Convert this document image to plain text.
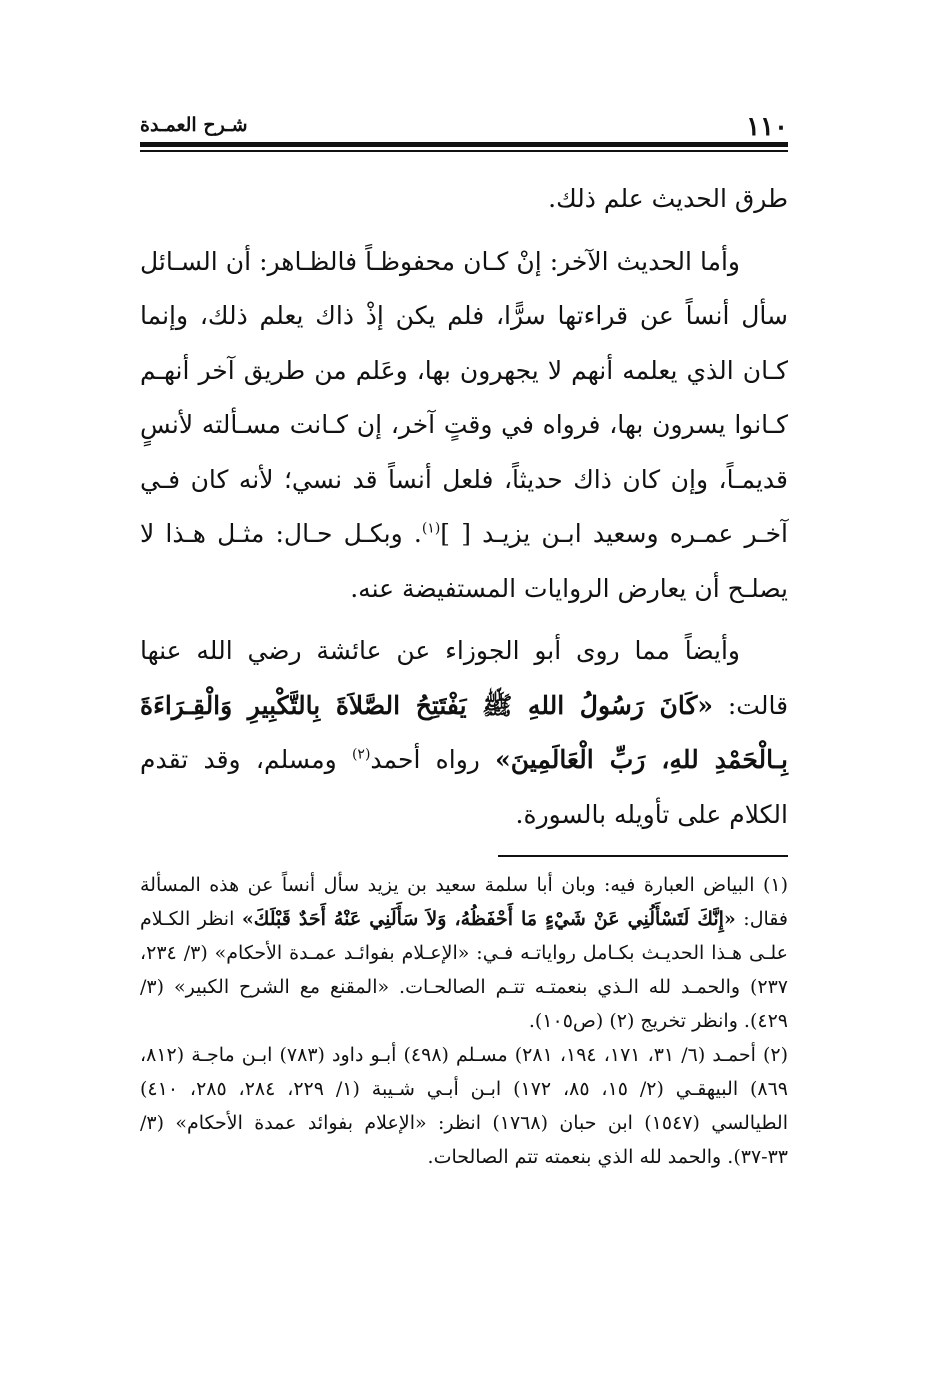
١١٠
شـرح العمـدة

طرق الحديث علم ذلك.

وأما الحديث الآخر: إنْ كـان محفوظـاً فالظـاهر: أن السـائل سأل أنساً عن قراءتها سرًّا، فلم يكن إذْ ذاك يعلم ذلك، وإنما كـان الذي يعلمه أنهم لا يجهرون بها، وعَلم من طريق آخر أنهـم كـانوا يسرون بها، فرواه في وقتٍ آخر، إن كـانت مسـألته لأنسٍ قديمـاً، وإن كان ذاك حديثاً، فلعل أنساً قد نسي؛ لأنه كان فـي آخـر عمـره وسعيد ابـن يزيـد [ ]$^{(١)}$. وبكـل حـال: مثـل هـذا لا يصلـح أن يعارض الروايات المستفيضة عنه.

وأيضاً مما روى أبو الجوزاء عن عائشة رضي الله عنها قالت: «كَانَ رَسُولُ اللهِ ﷺ يَفْتَتِحُ الصَّلاَةَ بِالتَّكْبِيرِ وَالْقِـرَاءَةَ بِـالْحَمْدِ للهِ، رَبِّ الْعَالَمِينَ» رواه أحمد$^{(٢)}$ ومسلم، وقد تقدم الكلام على تأويله بالسورة.

(١) البياض العبارة فيه: وبان أبا سلمة سعيد بن يزيد سأل أنساً عن هذه المسألة فقال: «إِنَّكَ لَتَسْأَلُنِي عَنْ شَيْءٍ مَا أَحْفَظُهُ، وَلاَ سَأَلَنِي عَنْهُ أَحَدٌ قَبْلَكَ» انظر الكـلام علـى هـذا الحديـث بكـامل رواياتـه فـي: «الإعـلام بفوائـد عمـدة الأحكام» (٣/ ٢٣٤، ٢٣٧) والحمـد لله الـذي بنعمتـه تتـم الصالحـات. «المقنع مع الشرح الكبير» (٣/ ٤٢٩). وانظر تخريج (٢) (ص١٠٥).

(٢) أحمـد (٦/ ٣١، ١٧١، ١٩٤، ٢٨١) مسـلم (٤٩٨) أبـو داود (٧٨٣) ابـن ماجـة (٨١٢، ٨٦٩) البيهقـي (٢/ ١٥، ٨٥، ١٧٢) ابـن أبـي شـيبة (١/ ٢٢٩، ٢٨٤، ٢٨٥، ٤١٠) الطيالسي (١٥٤٧) ابن حبان (١٧٦٨) انظر: «الإعلام بفوائد عمدة الأحكام» (٣/ ٣٣-٣٧). والحمد لله الذي بنعمته تتم الصالحات.
